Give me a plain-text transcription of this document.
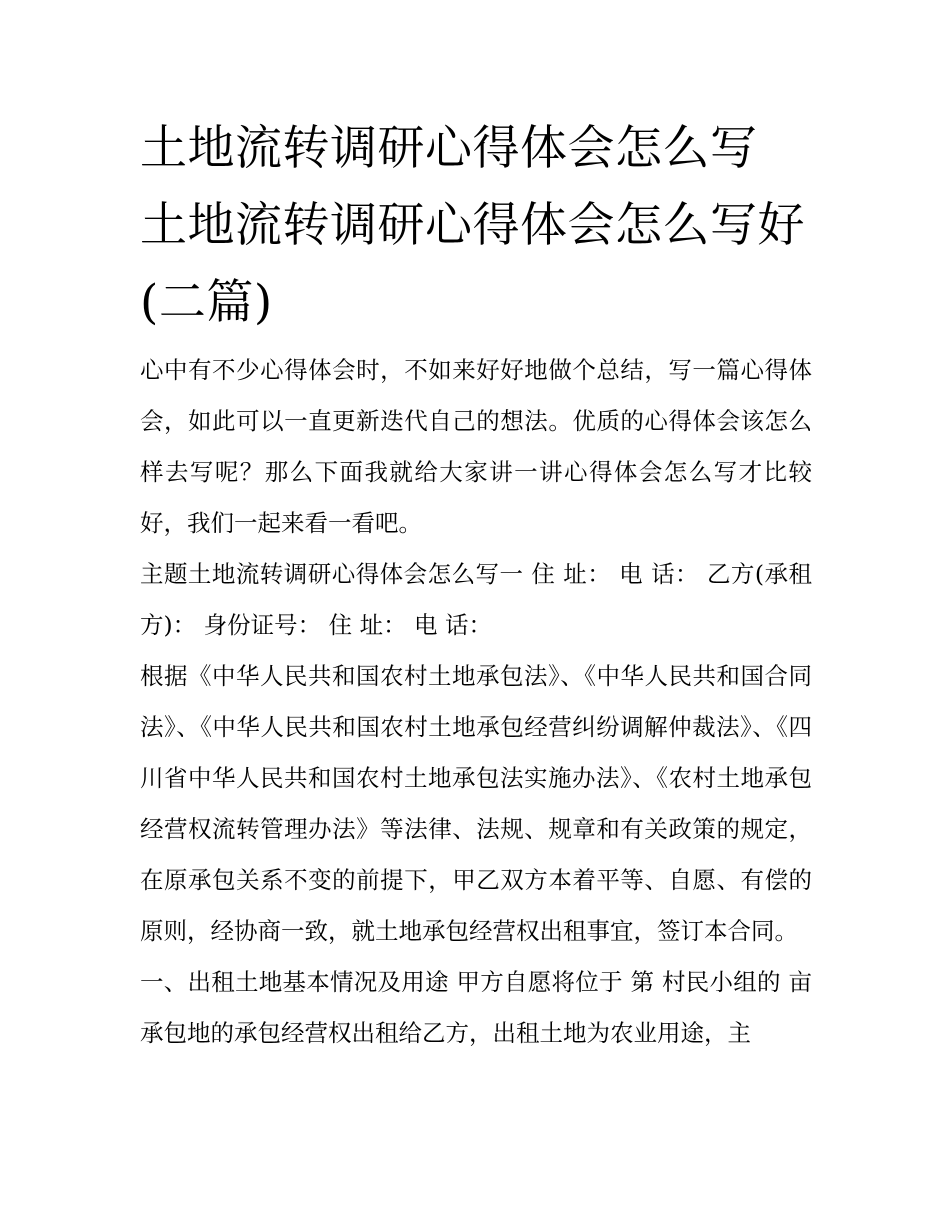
土地流转调研心得体会怎么写 土地流转调研心得体会怎么写好(二篇)

心中有不少心得体会时，不如来好好地做个总结，写一篇心得体会，如此可以一直更新迭代自己的想法。优质的心得体会该怎么样去写呢？那么下面我就给大家讲一讲心得体会怎么写才比较好，我们一起来看一看吧。

主题土地流转调研心得体会怎么写一 住 址： 电 话： 乙方(承租方)： 身份证号： 住 址： 电 话：

根据《中华人民共和国农村土地承包法》、《中华人民共和国合同法》、《中华人民共和国农村土地承包经营纠纷调解仲裁法》、《四川省中华人民共和国农村土地承包法实施办法》、《农村土地承包经营权流转管理办法》等法律、法规、规章和有关政策的规定，在原承包关系不变的前提下，甲乙双方本着平等、自愿、有偿的原则，经协商一致，就土地承包经营权出租事宜，签订本合同。

一、出租土地基本情况及用途 甲方自愿将位于 第 村民小组的 亩承包地的承包经营权出租给乙方，出租土地为农业用途，主
